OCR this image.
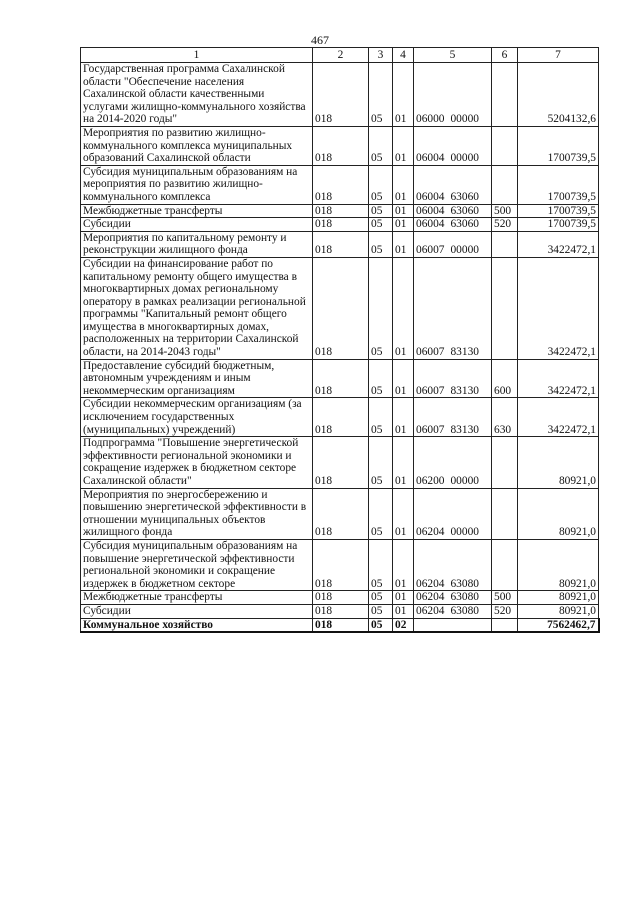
467
1	2	3	4	5	6	7
Государственная программа Сахалинской области "Обеспечение населения Сахалинской области качественными услугами жилищно-коммунального хозяйства на 2014-2020 годы"	018	05	01	06000 00000		5204132,6
Мероприятия по развитию жилищно-коммунального комплекса муниципальных образований Сахалинской области	018	05	01	06004 00000		1700739,5
Субсидия муниципальным образованиям на мероприятия по развитию жилищно-коммунального комплекса	018	05	01	06004 63060		1700739,5
Межбюджетные трансферты	018	05	01	06004 63060	500	1700739,5
Субсидии	018	05	01	06004 63060	520	1700739,5
Мероприятия по капитальному ремонту и реконструкции жилищного фонда	018	05	01	06007 00000		3422472,1
Субсидии на финансирование работ по капитальному ремонту общего имущества в многоквартирных домах региональному оператору в рамках реализации региональной программы "Капитальный ремонт общего имущества в многоквартирных домах, расположенных на территории Сахалинской области, на 2014-2043 годы"	018	05	01	06007 83130		3422472,1
Предоставление субсидий бюджетным, автономным учреждениям и иным некоммерческим организациям	018	05	01	06007 83130	600	3422472,1
Субсидии некоммерческим организациям (за исключением государственных (муниципальных) учреждений)	018	05	01	06007 83130	630	3422472,1
Подпрограмма "Повышение энергетической эффективности региональной экономики и сокращение издержек в бюджетном секторе Сахалинской области"	018	05	01	06200 00000		80921,0
Мероприятия по энергосбережению и повышению энергетической эффективности в отношении муниципальных объектов жилищного фонда	018	05	01	06204 00000		80921,0
Субсидия муниципальным образованиям на повышение энергетической эффективности региональной экономики и сокращение издержек в бюджетном секторе	018	05	01	06204 63080		80921,0
Межбюджетные трансферты	018	05	01	06204 63080	500	80921,0
Субсидии	018	05	01	06204 63080	520	80921,0
Коммунальное хозяйство	018	05	02			7562462,7
